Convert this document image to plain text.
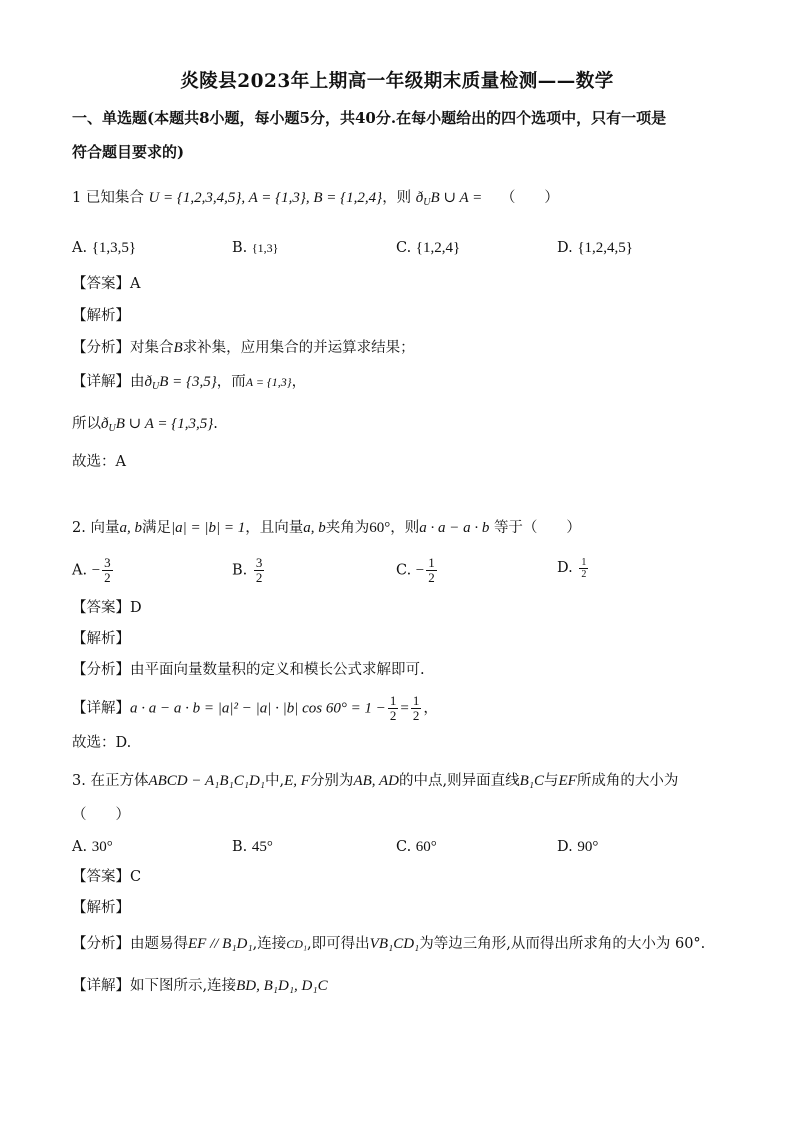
炎陵县2023年上期高一年级期末质量检测——数学
一、单选题(本题共8小题，每小题5分，共40分.在每小题给出的四个选项中，只有一项是
符合题目要求的)
1 已知集合 U = {1,2,3,4,5}, A = {1,3}, B = {1,2,4}，则 $ð_UB$ ∪ A = （　　）
A. {1,3,5}	B. {1,3}	C. {1,2,4}	D. {1,2,4,5}
【答案】A
【解析】
【分析】对集合B求补集，应用集合的并运算求结果；
【详解】由$ð_UB = \{3,5\}$，而A = {1,3}，
所以$ð_UB$ ∪ A = {1,3,5}.
故选：A
2. 向量a, b满足|a| = |b| = 1，且向量a, b夹角为60°，则a · a − a · b 等于（　　）
A. − $\frac{3}{2}$	B. $\frac{3}{2}$	C. − $\frac{1}{2}$	D. $\frac{1}{2}$
【答案】D
【解析】
【分析】由平面向量数量积的定义和模长公式求解即可.
【详解】a · a − a · b = |a|² − |a| · |b| $\cos 60^\circ = 1 - \frac{1}{2} = \frac{1}{2}$ ，
故选：D.
3. 在正方体ABCD − A₁B₁C₁D₁中,E, F分别为AB, AD的中点,则异面直线B₁C与EF所成角的大小为
（　　）
A. 30°	B. 45°	C. 60°	D. 90°
【答案】C
【解析】
【分析】由题易得EF // B₁D₁,连接CD₁,即可得出VB₁CD₁为等边三角形,从而得出所求角的大小为 60°.
【详解】如下图所示,连接BD, B₁D₁, D₁C
